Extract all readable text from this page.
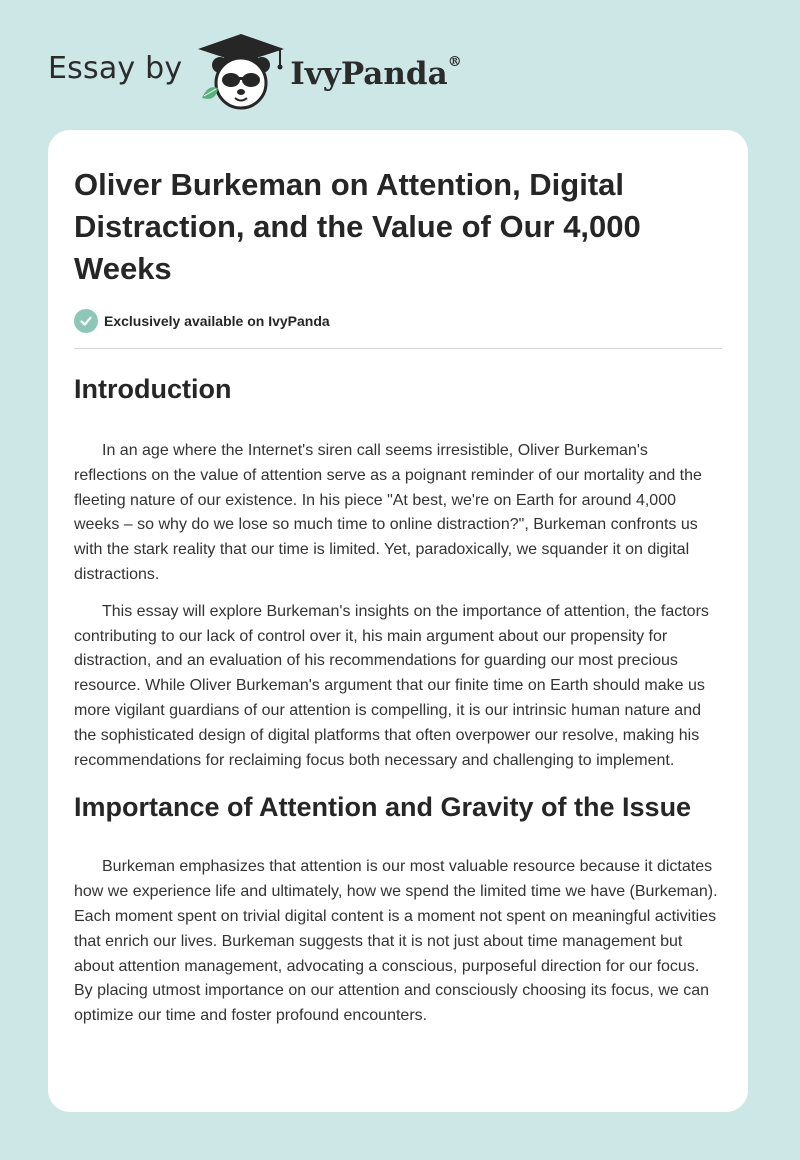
Essay by	IvyPanda®
Oliver Burkeman on Attention, Digital Distraction, and the Value of Our 4,000 Weeks
Exclusively available on IvyPanda
Introduction

In an age where the Internet's siren call seems irresistible, Oliver Burkeman's reflections on the value of attention serve as a poignant reminder of our mortality and the fleeting nature of our existence. In his piece "At best, we're on Earth for around 4,000 weeks – so why do we lose so much time to online distraction?", Burkeman confronts us with the stark reality that our time is limited. Yet, paradoxically, we squander it on digital distractions.

This essay will explore Burkeman's insights on the importance of attention, the factors contributing to our lack of control over it, his main argument about our propensity for distraction, and an evaluation of his recommendations for guarding our most precious resource. While Oliver Burkeman's argument that our finite time on Earth should make us more vigilant guardians of our attention is compelling, it is our intrinsic human nature and the sophisticated design of digital platforms that often overpower our resolve, making his recommendations for reclaiming focus both necessary and challenging to implement.

Importance of Attention and Gravity of the Issue

Burkeman emphasizes that attention is our most valuable resource because it dictates how we experience life and ultimately, how we spend the limited time we have (Burkeman). Each moment spent on trivial digital content is a moment not spent on meaningful activities that enrich our lives. Burkeman suggests that it is not just about time management but about attention management, advocating a conscious, purposeful direction for our focus. By placing utmost importance on our attention and consciously choosing its focus, we can optimize our time and foster profound encounters.
